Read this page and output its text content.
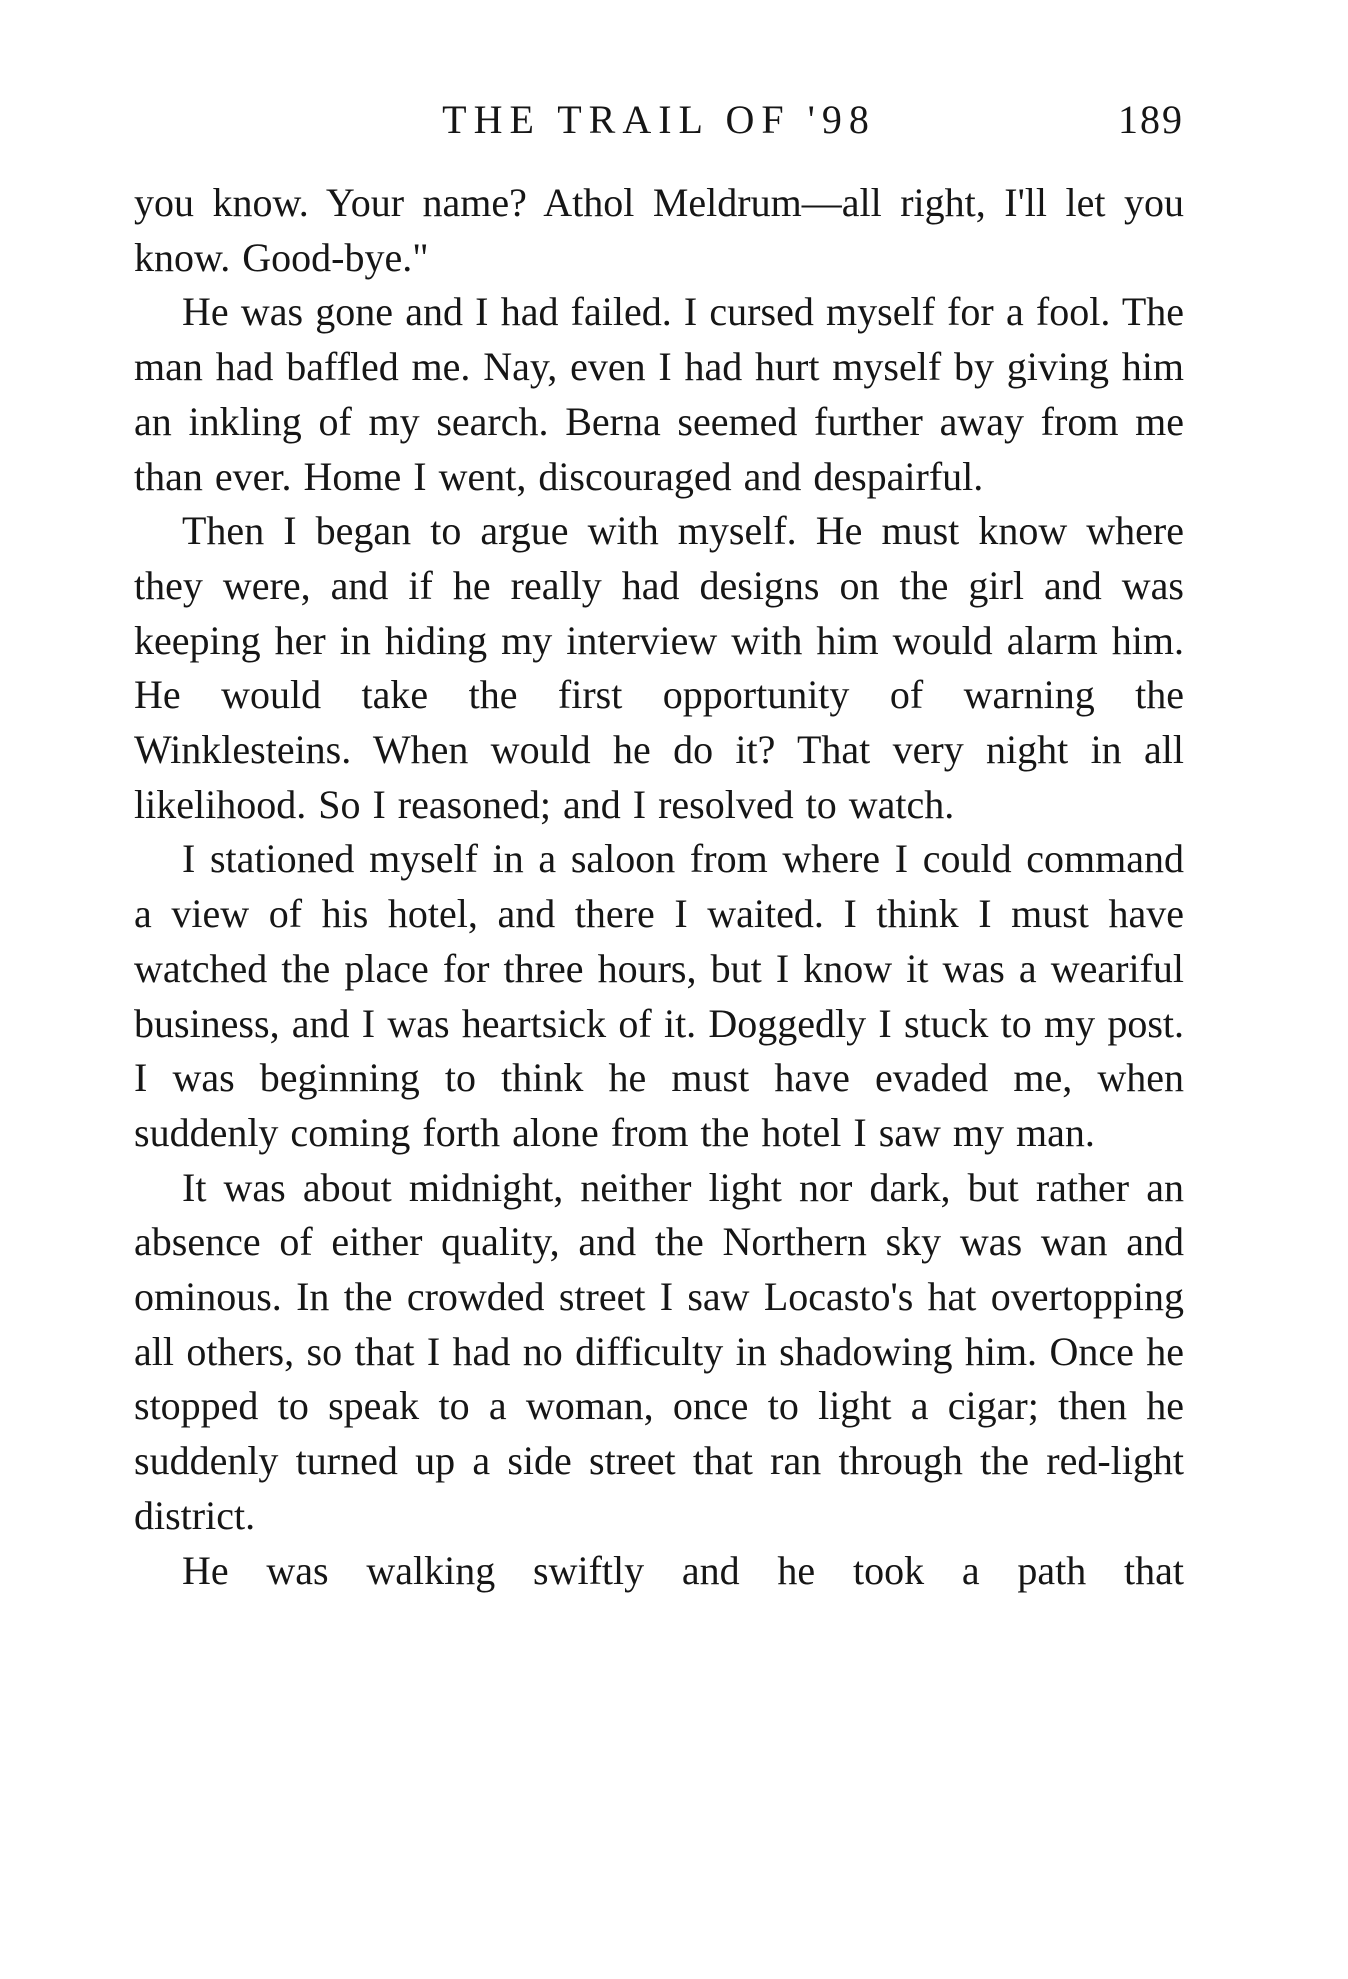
THE TRAIL OF '98	189

you know. Your name? Athol Meldrum—all right, I'll let you know. Good-bye."

He was gone and I had failed. I cursed myself for a fool. The man had baffled me. Nay, even I had hurt myself by giving him an inkling of my search. Berna seemed further away from me than ever. Home I went, discouraged and despairful.

Then I began to argue with myself. He must know where they were, and if he really had designs on the girl and was keeping her in hiding my interview with him would alarm him. He would take the first opportunity of warning the Winklesteins. When would he do it? That very night in all likelihood. So I reasoned; and I resolved to watch.

I stationed myself in a saloon from where I could command a view of his hotel, and there I waited. I think I must have watched the place for three hours, but I know it was a weariful business, and I was heartsick of it. Doggedly I stuck to my post. I was beginning to think he must have evaded me, when suddenly coming forth alone from the hotel I saw my man.

It was about midnight, neither light nor dark, but rather an absence of either quality, and the Northern sky was wan and ominous. In the crowded street I saw Locasto's hat overtopping all others, so that I had no difficulty in shadowing him. Once he stopped to speak to a woman, once to light a cigar; then he suddenly turned up a side street that ran through the red-light district.

He was walking swiftly and he took a path that
